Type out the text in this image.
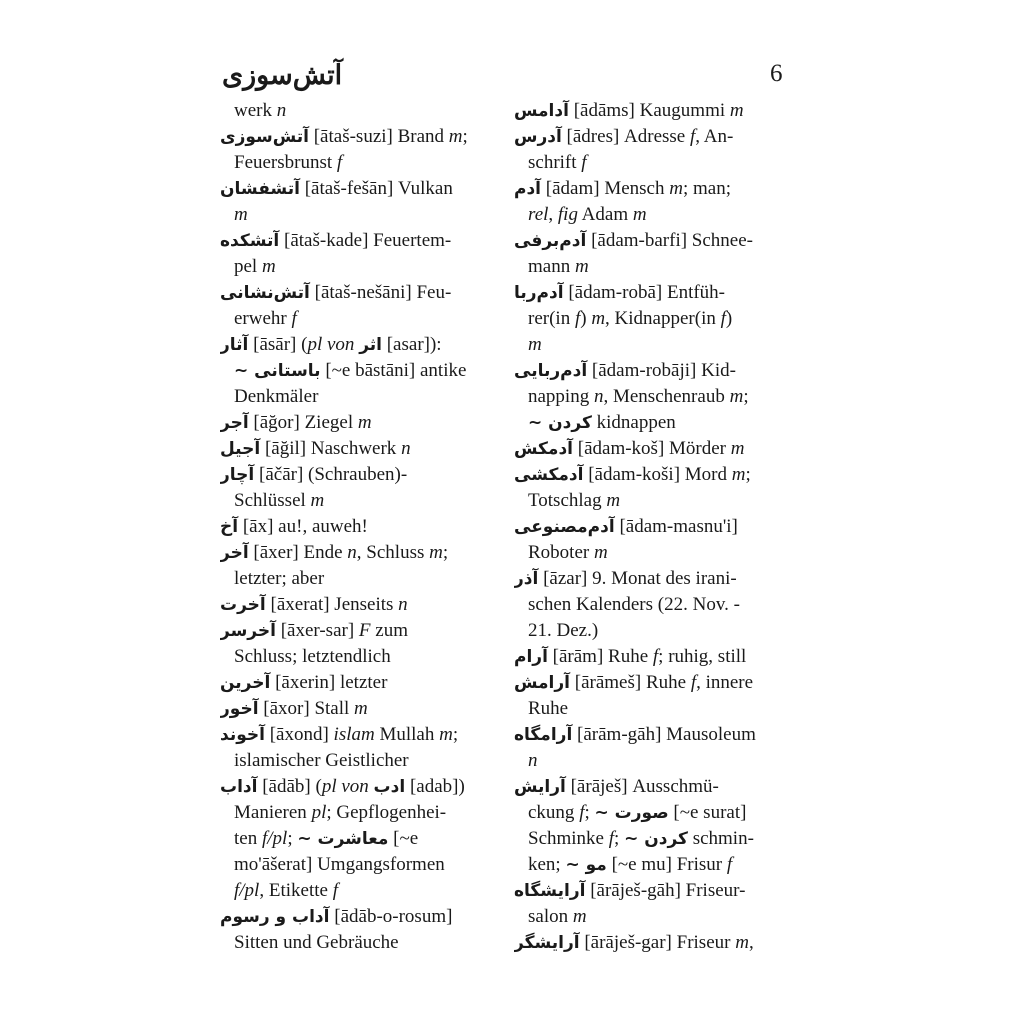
آتش‌سوزی	6
werk n
آتش‌سوزی [ātaš-suzi] Brand m;
Feuersbrunst f
آتشفشان [ātaš-fešān] Vulkan
m
آتشکده [ātaš-kade] Feuertem-
pel m
آتش‌نشانی [ātaš-nešāni] Feu-
erwehr f
آثار [āsār] (pl von اثر [asar]):
~ باستانی [~e bāstāni] antike
Denkmäler
آجر [āğor] Ziegel m
آجیل [āğil] Naschwerk n
آچار [āčār] (Schrauben)-
Schlüssel m
آخ [āx] au!, auweh!
آخر [āxer] Ende n, Schluss m;
letzter; aber
آخرت [āxerat] Jenseits n
آخرسر [āxer-sar] F zum
Schluss; letztendlich
آخرین [āxerin] letzter
آخور [āxor] Stall m
آخوند [āxond] islam Mullah m;
islamischer Geistlicher
آداب [ādāb] (pl von ادب [adab])
Manieren pl; Gepflogenhei-
ten f/pl; ~ معاشرت [~e
mo'āšerat] Umgangsformen
f/pl, Etikette f
آداب و رسوم [ādāb-o-rosum]
Sitten und Gebräuche
آدامس [ādāms] Kaugummi m
آدرس [ādres] Adresse f, An-
schrift f
آدم [ādam] Mensch m; man;
rel, fig Adam m
آدم‌برفی [ādam-barfi] Schnee-
mann m
آدم‌ربا [ādam-robā] Entfüh-
rer(in f) m, Kidnapper(in f)
m
آدم‌ربایی [ādam-robāji] Kid-
napping n, Menschenraub m;
~ کردن kidnappen
آدمکش [ādam-koš] Mörder m
آدمکشی [ādam-koši] Mord m;
Totschlag m
آدم‌مصنوعی [ādam-masnu'i]
Roboter m
آذر [āzar] 9. Monat des irani-
schen Kalenders (22. Nov. -
21. Dez.)
آرام [ārām] Ruhe f; ruhig, still
آرامش [ārāmeš] Ruhe f, innere
Ruhe
آرامگاه [ārām-gāh] Mausoleum
n
آرایش [ārāješ] Ausschmü-
ckung f; ~ صورت [~e surat]
Schminke f; ~ کردن schmin-
ken; ~ مو [~e mu] Frisur f
آرایشگاه [ārāješ-gāh] Friseur-
salon m
آرایشگر [ārāješ-gar] Friseur m,
